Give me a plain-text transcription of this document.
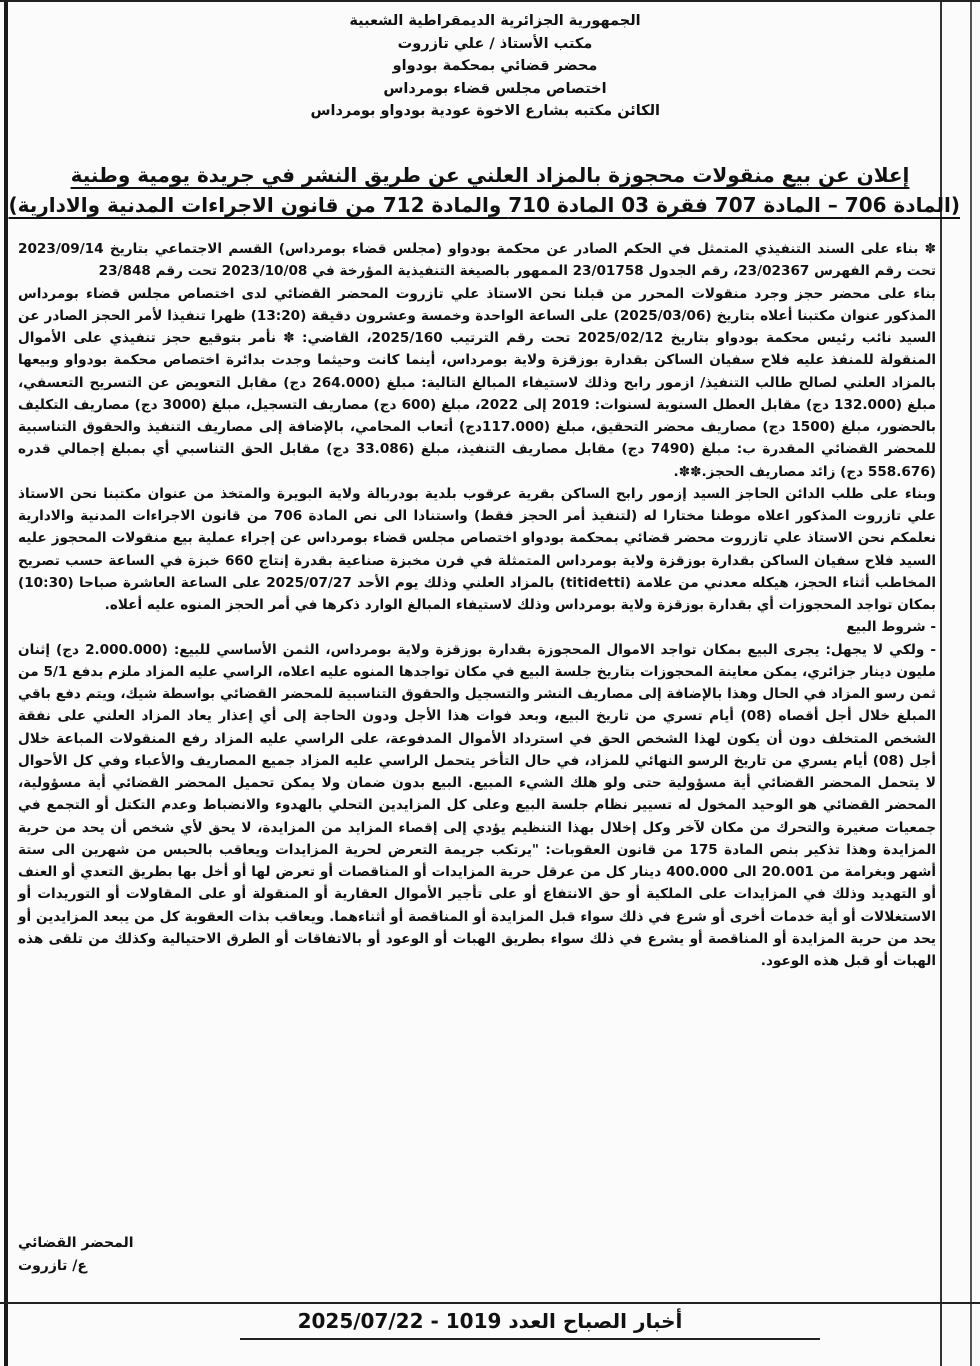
الجمهورية الجزائرية الديمقراطية الشعبية
مكتب الأستاذ / علي تازروت
محضر قضائي بمحكمة بودواو
اختصاص مجلس قضاء بومرداس
الكائن مكتبه بشارع الاخوة عودية بودواو بومرداس
إعلان عن بيع منقولات محجوزة بالمزاد العلني عن طريق النشر في جريدة يومية وطنية
(المادة 706 – المادة 707 فقرة 03 المادة 710 والمادة 712 من قانون الاجراءات المدنية والادارية)

✽ بناء على السند التنفيذي المتمثل في الحكم الصادر عن محكمة بودواو (مجلس قضاء بومرداس) القسم الاجتماعي بتاريخ 2023/09/14 تحت رقم الفهرس 23/02367، رقم الجدول 23/01758 الممهور بالصيغة التنفيذية المؤرخة في 2023/10/08 تحت رقم 23/848

بناء على محضر حجز وجرد منقولات المحرر من قبلنا نحن الاستاذ علي تازروت المحضر القضائي لدى اختصاص مجلس قضاء بومرداس المذكور عنوان مكتبنا أعلاه بتاريخ (2025/03/06) على الساعة الواحدة وخمسة وعشرون دقيقة (13:20) ظهرا تنفيذا لأمر الحجز الصادر عن السيد نائب رئيس محكمة بودواو بتاريخ 2025/02/12 تحت رقم الترتيب 2025/160، القاضي: ✽ نأمر بتوقيع حجز تنفيذي على الأموال المنقولة للمنفذ عليه فلاح سفيان الساكن بقدارة بوزقزة ولاية بومرداس، أينما كانت وحيثما وجدت بدائرة اختصاص محكمة بودواو وبيعها بالمزاد العلني لصالح طالب التنفيذ/ ازمور رابح وذلك لاستيفاء المبالغ التالية: مبلغ (264.000 دج) مقابل التعويض عن التسريح التعسفي، مبلغ (132.000 دج) مقابل العطل السنوية لسنوات: 2019 إلى 2022، مبلغ (600 دج) مصاريف التسجيل، مبلغ (3000 دج) مصاريف التكليف بالحضور، مبلغ (1500 دج) مصاريف محضر التحقيق، مبلغ (117.000دج) أتعاب المحامي، بالإضافة إلى مصاريف التنفيذ والحقوق التناسبية للمحضر القضائي المقدرة ب: مبلغ (7490 دج) مقابل مصاريف التنفيذ، مبلغ (33.086 دج) مقابل الحق التناسبي أي بمبلغ إجمالي قدره (558.676 دج) زائد مصاريف الحجز.✽✽.

وبناء على طلب الدائن الحاجز السيد إزمور رابح الساكن بقرية عرقوب بلدية بودربالة ولاية البويرة والمتخذ من عنوان مكتبنا نحن الاستاذ علي تازروت المذكور اعلاه موطنا مختارا له (لتنفيذ أمر الحجز فقط) واستنادا الى نص المادة 706 من قانون الاجراءات المدنية والادارية نعلمكم نحن الاستاذ علي تازروت محضر قضائي بمحكمة بودواو اختصاص مجلس قضاء بومرداس عن إجراء عملية بيع منقولات المحجوز عليه السيد فلاح سفيان الساكن بقدارة بوزقزة ولاية بومرداس المتمثلة في فرن مخبزة صناعية بقدرة إنتاج 660 خبزة في الساعة حسب تصريح المخاطب أثناء الحجز، هيكله معدني من علامة (titidetti) بالمزاد العلني وذلك يوم الأحد 2025/07/27 على الساعة العاشرة صباحا (10:30) بمكان تواجد المحجوزات أي بقدارة بوزقزة ولاية بومرداس وذلك لاستيفاء المبالغ الوارد ذكرها في أمر الحجز المنوه عليه أعلاه.

- شروط البيع

- ولكي لا يجهل: يجرى البيع بمكان تواجد الاموال المحجوزة بقدارة بوزقزة ولاية بومرداس، الثمن الأساسي للبيع: (2.000.000 دج) إثنان مليون دينار جزائري، يمكن معاينة المحجوزات بتاريخ جلسة البيع في مكان تواجدها المنوه عليه اعلاه، الراسي عليه المزاد ملزم بدفع 5/1 من ثمن رسو المزاد في الحال وهذا بالإضافة إلى مصاريف النشر والتسجيل والحقوق التناسبية للمحضر القضائي بواسطة شيك، ويتم دفع باقي المبلغ خلال أجل أقصاه (08) أيام تسري من تاريخ البيع، وبعد فوات هذا الأجل ودون الحاجة إلى أي إعذار يعاد المزاد العلني على نفقة الشخص المتخلف دون أن يكون لهذا الشخص الحق في استرداد الأموال المدفوعة، على الراسي عليه المزاد رفع المنقولات المباعة خلال أجل (08) أيام يسري من تاريخ الرسو النهائي للمزاد، في حال التأخر يتحمل الراسي عليه المزاد جميع المصاريف والأعباء وفي كل الأحوال لا يتحمل المحضر القضائي أية مسؤولية حتى ولو هلك الشيء المبيع. البيع بدون ضمان ولا يمكن تحميل المحضر القضائي أية مسؤولية، المحضر القضائي هو الوحيد المخول له تسيير نظام جلسة البيع وعلى كل المزايدين التحلي بالهدوء والانضباط وعدم التكتل أو التجمع في جمعيات صغيرة والتحرك من مكان لآخر وكل إخلال بهذا التنظيم يؤدي إلى إقصاء المزايد من المزايدة، لا يحق لأي شخص أن يحد من حرية المزايدة وهذا تذكير بنص المادة 175 من قانون العقوبات: "يرتكب جريمة التعرض لحرية المزايدات ويعاقب بالحبس من شهرين الى ستة أشهر وبغرامة من 20.001 الى 400.000 دينار كل من عرقل حرية المزايدات أو المناقصات أو تعرض لها أو أخل بها بطريق التعدي أو العنف أو التهديد وذلك في المزايدات على الملكية أو حق الانتفاع أو على تأجير الأموال العقارية أو المنقولة أو على المقاولات أو التوريدات أو الاستغلالات أو أية خدمات أخرى أو شرع في ذلك سواء قبل المزايدة أو المناقصة أو أثناءهما. ويعاقب بذات العقوبة كل من يبعد المزايدين أو يحد من حرية المزايدة أو المناقصة أو يشرع في ذلك سواء بطريق الهبات أو الوعود أو بالاتفاقات أو الطرق الاحتيالية وكذلك من تلقى هذه الهبات أو قبل هذه الوعود.

المحضر القضائي
ع/ تازروت
أخبار الصباح العدد 1019 - 2025/07/22
